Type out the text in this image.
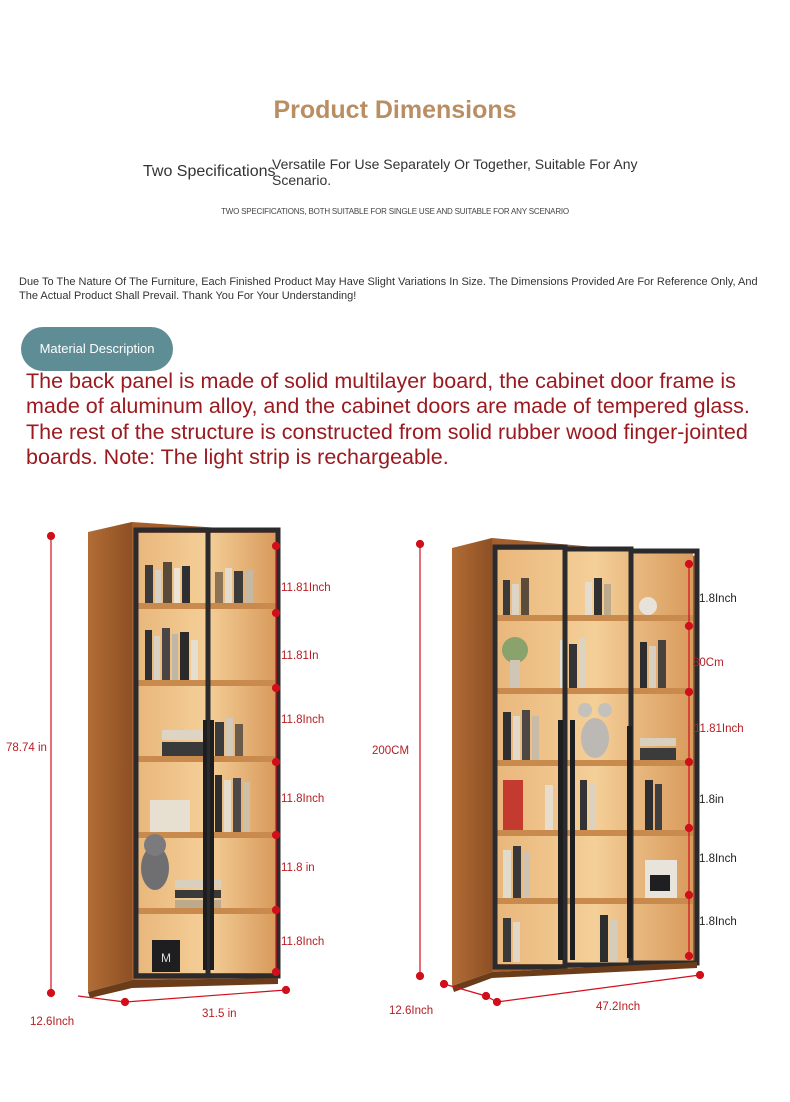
Product Dimensions
Two Specifications
Versatile For Use Separately Or Together, Suitable For Any Scenario.
TWO SPECIFICATIONS, BOTH SUITABLE FOR SINGLE USE AND SUITABLE FOR ANY SCENARIO
Due To The Nature Of The Furniture, Each Finished Product May Have Slight Variations In Size. The Dimensions Provided Are For Reference Only, And The Actual Product Shall Prevail. Thank You For Your Understanding!
Material Description
The back panel is made of solid multilayer board, the cabinet door frame is made of aluminum alloy, and the cabinet doors are made of tempered glass. The rest of the structure is constructed from solid rubber wood finger-jointed boards. Note: The light strip is rechargeable.
M
78.74 in
12.6Inch
31.5 in
11.81Inch
11.81In
11.8Inch
11.8Inch
11.8 in
11.8Inch
200CM
12.6Inch	47.2Inch
1.8Inch
30Cm
11.81Inch
1.8in
1.8Inch
1.8Inch
